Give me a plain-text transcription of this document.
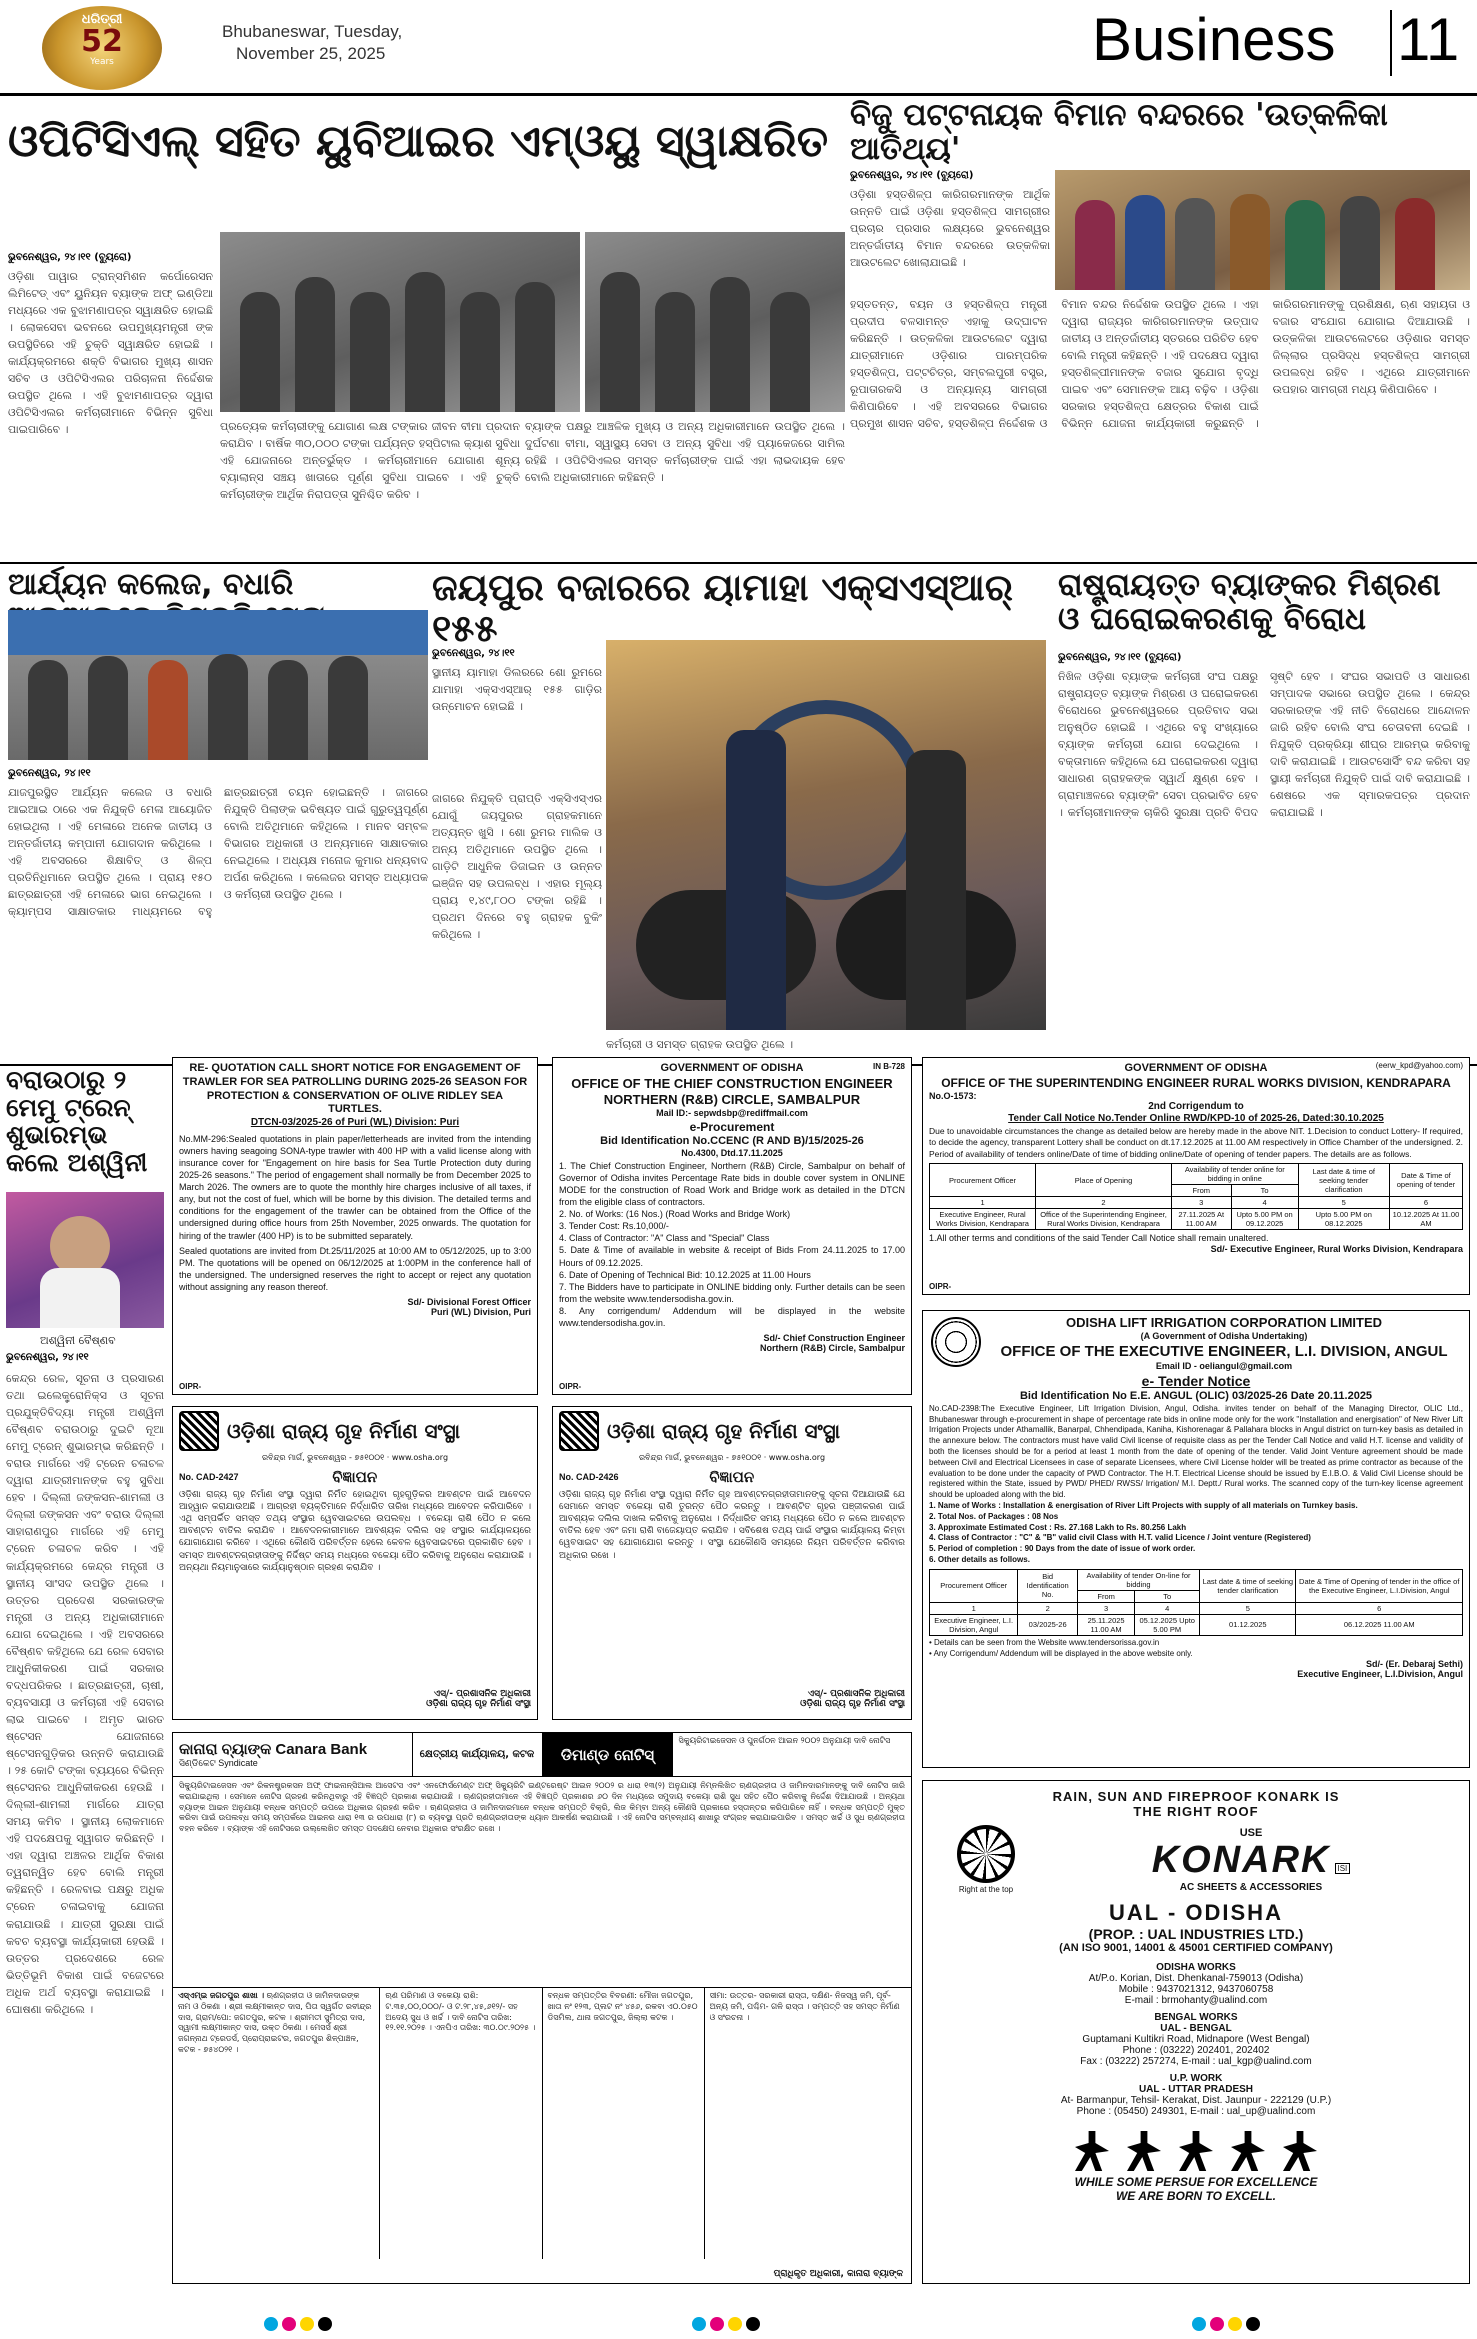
ଧରିତ୍ରୀ
52
Years
Bhubaneswar, Tuesday,
November 25, 2025	Business 11
ଓପିଟିସିଏଲ୍ ସହିତ ୟୁବିଆଇର ଏମ୍ଓୟୁ ସ୍ୱାକ୍ଷରିତ
ଭୁବନେଶ୍ୱର, ୨୪।୧୧ (ବ୍ୟୁରୋ)
ଓଡ଼ିଶା ପାୱାର ଟ୍ରାନ୍ସମିଶନ କର୍ପୋରେସନ ଲିମିଟେଡ୍ ଏବଂ ୟୁନିୟନ ବ୍ୟାଙ୍କ ଅଫ୍ ଇଣ୍ଡିଆ ମଧ୍ୟରେ ଏକ ବୁଝାମଣାପତ୍ର ସ୍ୱାକ୍ଷରିତ ହୋଇଛି । ଲୋକସେବା ଭବନରେ ଉପମୁଖ୍ୟମନ୍ତ୍ରୀ ଙ୍କ ଉପସ୍ଥିତିରେ ଏହି ଚୁକ୍ତି ସ୍ୱାକ୍ଷରିତ ହୋଇଛି । କାର୍ଯ୍ୟକ୍ରମରେ ଶକ୍ତି ବିଭାଗର ମୁଖ୍ୟ ଶାସନ ସଚିବ ଓ ଓପିଟିସିଏଲର ପରିଚାଳନା ନିର୍ଦ୍ଦେଶକ ଉପସ୍ଥିତ ଥିଲେ । ଏହି ବୁଝାମଣାପତ୍ର ଦ୍ୱାରା ଓପିଟିସିଏଲର କର୍ମଚାରୀମାନେ ବିଭିନ୍ନ ସୁବିଧା ପାଇପାରିବେ ।	ପ୍ରତ୍ୟେକ କର୍ମଚାରୀଙ୍କୁ ଯୋଗାଣ ଲକ୍ଷ ଟଙ୍କାର ଜୀବନ ବୀମା ପ୍ରଦାନ କରାଯିବ । ବାର୍ଷିକ ୩୦,୦୦୦ ଟଙ୍କା ପର୍ଯ୍ୟନ୍ତ ହସ୍ପିଟାଲ କ୍ୟାଶ ସୁବିଧା ଏହି ଯୋଜନାରେ ଅନ୍ତର୍ଭୁକ୍ତ । କର୍ମଚାରୀମାନେ ଯୋଗାଣ ଶୂନ୍ୟ ବ୍ୟାଲାନ୍ସ ସଞ୍ଚୟ ଖାତାରେ ପୂର୍ଣ୍ଣ ସୁବିଧା ପାଇବେ । ଏହି ଚୁକ୍ତି କର୍ମଚାରୀଙ୍କ ଆର୍ଥିକ ନିରାପତ୍ତା ସୁନିଶ୍ଚିତ କରିବ ।
ବ୍ୟାଙ୍କ ପକ୍ଷରୁ ଆଞ୍ଚଳିକ ମୁଖ୍ୟ ଓ ଅନ୍ୟ ଅଧିକାରୀମାନେ ଉପସ୍ଥିତ ଥିଲେ । ଦୁର୍ଘଟଣା ବୀମା, ସ୍ୱାସ୍ଥ୍ୟ ସେବା ଓ ଅନ୍ୟ ସୁବିଧା ଏହି ପ୍ୟାକେଜରେ ସାମିଲ ରହିଛି । ଓପିଟିସିଏଲର ସମସ୍ତ କର୍ମଚାରୀଙ୍କ ପାଇଁ ଏହା ଲାଭଦାୟକ ହେବ ବୋଲି ଅଧିକାରୀମାନେ କହିଛନ୍ତି ।
ବିଜୁ ପଟ୍ଟନାୟକ ବିମାନ ବନ୍ଦରରେ 'ଉତ୍କଳିକା ଆତିଥ୍ୟ'
ଭୁବନେଶ୍ୱର, ୨୪।୧୧ (ବ୍ୟୁରୋ)
ଓଡ଼ିଶା ହସ୍ତଶିଳ୍ପ କାରିଗରମାନଙ୍କ ଆର୍ଥିକ ଉନ୍ନତି ପାଇଁ ଓଡ଼ିଶା ହସ୍ତଶିଳ୍ପ ସାମଗ୍ରୀର ପ୍ରଚାର ପ୍ରସାର ଲକ୍ଷ୍ୟରେ ଭୁବନେଶ୍ୱର ଅନ୍ତର୍ଜାତୀୟ ବିମାନ ବନ୍ଦରରେ ଉତ୍କଳିକା ଆଉଟଲେଟ ଖୋଲାଯାଇଛି ।
ହସ୍ତତନ୍ତ, ବୟନ ଓ ହସ୍ତଶିଳ୍ପ ମନ୍ତ୍ରୀ ପ୍ରଦୀପ ବଳସାମନ୍ତ ଏହାକୁ ଉଦ୍‌ଘାଟନ କରିଛନ୍ତି । ଉତ୍କଳିକା ଆଉଟଲେଟ ଦ୍ୱାରା ଯାତ୍ରୀମାନେ ଓଡ଼ିଶାର ପାରମ୍ପରିକ ହସ୍ତଶିଳ୍ପ, ପଟ୍ଟଚିତ୍ର, ସମ୍ବଲପୁରୀ ବସ୍ତ୍ର, ରୂପାତାରକସି ଓ ଅନ୍ୟାନ୍ୟ ସାମଗ୍ରୀ କିଣିପାରିବେ । ଏହି ଅବସରରେ ବିଭାଗର ପ୍ରମୁଖ ଶାସନ ସଚିବ, ହସ୍ତଶିଳ୍ପ ନିର୍ଦ୍ଦେଶକ ଓ ବିମାନ ବନ୍ଦର ନିର୍ଦ୍ଦେଶକ ଉପସ୍ଥିତ ଥିଲେ । ଏହା ଦ୍ୱାରା ରାଜ୍ୟର କାରିଗରମାନଙ୍କ ଉତ୍ପାଦ ଜାତୀୟ ଓ ଅନ୍ତର୍ଜାତୀୟ ସ୍ତରରେ ପରିଚିତ ହେବ ବୋଲି ମନ୍ତ୍ରୀ କହିଛନ୍ତି । ଏହି ପଦକ୍ଷେପ ଦ୍ୱାରା ହସ୍ତଶିଳ୍ପୀମାନଙ୍କ ବଜାର ସୁଯୋଗ ବୃଦ୍ଧି ପାଇବ ଏବଂ ସେମାନଙ୍କ ଆୟ ବଢ଼ିବ । ଓଡ଼ିଶା ସରକାର ହସ୍ତଶିଳ୍ପ କ୍ଷେତ୍ରର ବିକାଶ ପାଇଁ ବିଭିନ୍ନ ଯୋଜନା କାର୍ଯ୍ୟକାରୀ କରୁଛନ୍ତି । କାରିଗରମାନଙ୍କୁ ପ୍ରଶିକ୍ଷଣ, ଋଣ ସହାୟତା ଓ ବଜାର ସଂଯୋଗ ଯୋଗାଇ ଦିଆଯାଉଛି । ଉତ୍କଳିକା ଆଉଟଲେଟରେ ଓଡ଼ିଶାର ସମସ୍ତ ଜିଲ୍ଲାର ପ୍ରସିଦ୍ଧ ହସ୍ତଶିଳ୍ପ ସାମଗ୍ରୀ ଉପଲବ୍ଧ ରହିବ । ଏଥିରେ ଯାତ୍ରୀମାନେ ଉପହାର ସାମଗ୍ରୀ ମଧ୍ୟ କିଣିପାରିବେ ।
ଆର୍ଯ୍ୟନ କଲେଜ, ବଧାରି
ଭୁବନେଶ୍ୱର, ୨୪।୧୧
ଯାଜପୁରସ୍ଥିତ ଆର୍ଯ୍ୟନ କଲେଜ ଓ ବଧାରି ଆଇଆଇ ଠାରେ ଏକ ନିଯୁକ୍ତି ମେଳା ଆୟୋଜିତ ହୋଇଥିଲା । ଏହି ମେଳାରେ ଅନେକ ଜାତୀୟ ଓ ଅନ୍ତର୍ଜାତୀୟ କମ୍ପାନୀ ଯୋଗଦାନ କରିଥିଲେ । ଏହି ଅବସରରେ ଶିକ୍ଷାବିତ୍ ଓ ଶିଳ୍ପ ପ୍ରତିନିଧିମାନେ ଉପସ୍ଥିତ ଥିଲେ । ପ୍ରାୟ ୧୫୦ ଛାତ୍ରଛାତ୍ରୀ ଏହି ମେଳାରେ ଭାଗ ନେଇଥିଲେ । କ୍ୟାମ୍ପସ ସାକ୍ଷାତକାର ମାଧ୍ୟମରେ ବହୁ ଛାତ୍ରଛାତ୍ରୀ ଚୟନ ହୋଇଛନ୍ତି । ଜାଗରେ ନିଯୁକ୍ତି ପିଲାଙ୍କ ଭବିଷ୍ୟତ ପାଇଁ ଗୁରୁତ୍ୱପୂର୍ଣ୍ଣ ବୋଲି ଅତିଥିମାନେ କହିଥିଲେ । ମାନବ ସମ୍ବଳ ବିଭାଗର ଅଧିକାରୀ ଓ ଅନ୍ୟମାନେ ସାକ୍ଷାତକାର ନେଇଥିଲେ । ଅଧ୍ୟକ୍ଷ ମନୋଜ କୁମାର ଧନ୍ୟବାଦ ଅର୍ପଣ କରିଥିଲେ । କଲେଜର ସମସ୍ତ ଅଧ୍ୟାପକ ଓ କର୍ମଚାରୀ ଉପସ୍ଥିତ ଥିଲେ ।
ଜୟପୁର ବଜାରରେ ୟାମାହା ଏକ୍ସଏସ୍ଆର୍ ୧୫୫
ଭୁବନେଶ୍ୱର, ୨୪।୧୧
ସ୍ଥାନୀୟ ୟାମାହା ଡିଲରରେ ଶୋ ରୁମରେ ଯାମାହା ଏକ୍ସଏସ୍ଆର୍ ୧୫୫ ଗାଡ଼ିର ଉନ୍ମୋଚନ ହୋଇଛି ।
ଜାଗରେ ନିଯୁକ୍ତି ପ୍ରାପ୍ତି ଏକ୍ସିଏସ୍ଏର ଯୋଗୁଁ ଜୟପୁରର ଗ୍ରାହକମାନେ ଅତ୍ୟନ୍ତ ଖୁସି । ଶୋ ରୁମର ମାଲିକ ଓ ଅନ୍ୟ ଅତିଥିମାନେ ଉପସ୍ଥିତ ଥିଲେ । ଗାଡ଼ିଟି ଆଧୁନିକ ଡିଜାଇନ ଓ ଉନ୍ନତ ଇଞ୍ଜିନ ସହ ଉପଲବ୍ଧ । ଏହାର ମୂଲ୍ୟ ପ୍ରାୟ ୧,୪୯,୮୦୦ ଟଙ୍କା ରହିଛି । ପ୍ରଥମ ଦିନରେ ବହୁ ଗ୍ରାହକ ବୁକିଂ କରିଥିଲେ ।
କର୍ମଚାରୀ ଓ ସମସ୍ତ ଗ୍ରାହକ ଉପସ୍ଥିତ ଥିଲେ ।
ରାଷ୍ଟ୍ରାୟତ୍ତ ବ୍ୟାଙ୍କର ମିଶ୍ରଣ ଓ ଘରୋଇକରଣକୁ ବିରୋଧ
ଭୁବନେଶ୍ୱର, ୨୪।୧୧ (ବ୍ୟୁରୋ)
ନିଖିଳ ଓଡ଼ିଶା ବ୍ୟାଙ୍କ କର୍ମଚାରୀ ସଂଘ ପକ୍ଷରୁ ରାଷ୍ଟ୍ରାୟତ୍ତ ବ୍ୟାଙ୍କ ମିଶ୍ରଣ ଓ ଘରୋଇକରଣ ବିରୋଧରେ ଭୁବନେଶ୍ୱରରେ ପ୍ରତିବାଦ ସଭା ଅନୁଷ୍ଠିତ ହୋଇଛି । ଏଥିରେ ବହୁ ସଂଖ୍ୟାରେ ବ୍ୟାଙ୍କ କର୍ମଚାରୀ ଯୋଗ ଦେଇଥିଲେ । ବକ୍ତାମାନେ କହିଥିଲେ ଯେ ଘରୋଇକରଣ ଦ୍ୱାରା ସାଧାରଣ ଗ୍ରାହକଙ୍କ ସ୍ୱାର୍ଥ କ୍ଷୁଣ୍ଣ ହେବ । ଗ୍ରାମାଞ୍ଚଳରେ ବ୍ୟାଙ୍କିଂ ସେବା ପ୍ରଭାବିତ ହେବ । କର୍ମଚାରୀମାନଙ୍କ ଚାକିରି ସୁରକ୍ଷା ପ୍ରତି ବିପଦ ସୃଷ୍ଟି ହେବ । ସଂଘର ସଭାପତି ଓ ସାଧାରଣ ସମ୍ପାଦକ ସଭାରେ ଉପସ୍ଥିତ ଥିଲେ । କେନ୍ଦ୍ର ସରକାରଙ୍କ ଏହି ନୀତି ବିରୋଧରେ ଆନ୍ଦୋଳନ ଜାରି ରହିବ ବୋଲି ସଂଘ ଚେତାବନୀ ଦେଇଛି । ନିଯୁକ୍ତି ପ୍ରକ୍ରିୟା ଶୀଘ୍ର ଆରମ୍ଭ କରିବାକୁ ଦାବି କରାଯାଇଛି । ଆଉଟସୋର୍ସିଂ ବନ୍ଦ କରିବା ସହ ସ୍ଥାୟୀ କର୍ମଚାରୀ ନିଯୁକ୍ତି ପାଇଁ ଦାବି କରାଯାଇଛି । ଶେଷରେ ଏକ ସ୍ମାରକପତ୍ର ପ୍ରଦାନ କରାଯାଇଛି ।
ବରାଉଠାରୁ ୨ ମେମୁ ଟ୍ରେନ୍ ଶୁଭାରମ୍ଭ କଲେ ଅଶ୍ୱିନୀ
ଅଶ୍ୱିନୀ ବୈଷ୍ଣବ
ଭୁବନେଶ୍ୱର, ୨୪।୧୧
କେନ୍ଦ୍ର ରେଳ, ସୂଚନା ଓ ପ୍ରସାରଣ ତଥା ଇଲେକ୍ଟ୍ରୋନିକ୍ସ ଓ ସୂଚନା ପ୍ରଯୁକ୍ତିବିଦ୍ୟା ମନ୍ତ୍ରୀ ଅଶ୍ୱିନୀ ବୈଷ୍ଣବ ବରାଉଠାରୁ ଦୁଇଟି ନୂଆ ମେମୁ ଟ୍ରେନ୍ ଶୁଭାରମ୍ଭ କରିଛନ୍ତି । ବରାଉ ମାର୍ଗରେ ଏହି ଟ୍ରେନ ଚଳାଚଳ ଦ୍ୱାରା ଯାତ୍ରୀମାନଙ୍କ ବହୁ ସୁବିଧା ହେବ । ଦିଲ୍ଲୀ ଜଙ୍କସନ-ଶାମଲୀ ଓ ଦିଲ୍ଲୀ ଜଙ୍କସନ ଏବଂ ବରାଉ ଦିଲ୍ଲୀ ସାହାରାଣପୁର ମାର୍ଗରେ ଏହି ମେମୁ ଟ୍ରେନ ଚଳାଚଳ କରିବ । ଏହି କାର୍ଯ୍ୟକ୍ରମରେ କେନ୍ଦ୍ର ମନ୍ତ୍ରୀ ଓ ସ୍ଥାନୀୟ ସାଂସଦ ଉପସ୍ଥିତ ଥିଲେ । ଉତ୍ତର ପ୍ରଦେଶ ସରକାରଙ୍କ ମନ୍ତ୍ରୀ ଓ ଅନ୍ୟ ଅଧିକାରୀମାନେ ଯୋଗ ଦେଇଥିଲେ । ଏହି ଅବସରରେ ବୈଷ୍ଣବ କହିଥିଲେ ଯେ ରେଳ ସେବାର ଆଧୁନିକୀକରଣ ପାଇଁ ସରକାର ବଦ୍ଧପରିକର । ଛାତ୍ରଛାତ୍ରୀ, ଚାଷୀ, ବ୍ୟବସାୟୀ ଓ କର୍ମଚାରୀ ଏହି ସେବାର ଲାଭ ପାଇବେ । ଅମୃତ ଭାରତ ଷ୍ଟେସନ ଯୋଜନାରେ ଷ୍ଟେସନଗୁଡ଼ିକର ଉନ୍ନତି କରାଯାଉଛି । ୨୫ କୋଟି ଟଙ୍କା ବ୍ୟୟରେ ବିଭିନ୍ନ ଷ୍ଟେସନର ଆଧୁନିକୀକରଣ ହେଉଛି । ଦିଲ୍ଲୀ-ଶାମଲୀ ମାର୍ଗରେ ଯାତ୍ରା ସମୟ କମିବ । ସ୍ଥାନୀୟ ଲୋକମାନେ ଏହି ପଦକ୍ଷେପକୁ ସ୍ୱାଗତ କରିଛନ୍ତି । ଏହା ଦ୍ୱାରା ଅଞ୍ଚଳର ଆର୍ଥିକ ବିକାଶ ତ୍ୱରାନ୍ୱିତ ହେବ ବୋଲି ମନ୍ତ୍ରୀ କହିଛନ୍ତି । ରେଳବାଇ ପକ୍ଷରୁ ଅଧିକ ଟ୍ରେନ ଚଳାଇବାକୁ ଯୋଜନା କରାଯାଉଛି । ଯାତ୍ରୀ ସୁରକ୍ଷା ପାଇଁ କବଚ ବ୍ୟବସ୍ଥା କାର୍ଯ୍ୟକାରୀ ହେଉଛି । ଉତ୍ତର ପ୍ରଦେଶରେ ରେଳ ଭିତ୍ତିଭୂମି ବିକାଶ ପାଇଁ ବଜେଟରେ ଅଧିକ ଅର୍ଥ ବ୍ୟବସ୍ଥା କରାଯାଇଛି । ଘୋଷଣା କରିଥିଲେ ।
RE- QUOTATION CALL SHORT NOTICE FOR ENGAGEMENT OF TRAWLER FOR SEA PATROLLING DURING 2025-26 SEASON FOR PROTECTION & CONSERVATION OF OLIVE RIDLEY SEA TURTLES.
DTCN-03/2025-26 of Puri (WL) Division: Puri
No.MM-296:Sealed quotations in plain paper/letterheads are invited from the intending owners having seagoing SONA-type trawler with 400 HP with a valid license along with insurance cover for "Engagement on hire basis for Sea Turtle Protection duty during 2025-26 seasons." The period of engagement shall normally be from December 2025 to March 2026. The owners are to quote the monthly hire charges inclusive of all taxes, if any, but not the cost of fuel, which will be borne by this division. The detailed terms and conditions for the engagement of the trawler can be obtained from the Office of the undersigned during office hours from 25th November, 2025 onwards. The quotation for hiring of the trawler (400 HP) is to be submitted separately.
Sealed quotations are invited from Dt.25/11/2025 at 10:00 AM to 05/12/2025, up to 3:00 PM. The quotations will be opened on 06/12/2025 at 1:00PM in the conference hall of the undersigned. The undersigned reserves the right to accept or reject any quotation without assigning any reason thereof.
Sd/- Divisional Forest Officer
Puri (WL) Division, Puri
OIPR-
GOVERNMENT OF ODISHA	IN B-728
OFFICE OF THE CHIEF CONSTRUCTION ENGINEER NORTHERN (R&B) CIRCLE, SAMBALPUR
Mail ID:- sepwdsbp@rediffmail.com
e-Procurement
Bid Identification No.CCENC (R AND B)/15/2025-26
No.4300, Dtd.17.11.2025
1. The Chief Construction Engineer, Northern (R&B) Circle, Sambalpur on behalf of Governor of Odisha invites Percentage Rate bids in double cover system in ONLINE MODE for the construction of Road Work and Bridge work as detailed in the DTCN from the eligible class of contractors.
2. No. of Works: (16 Nos.) (Road Works and Bridge Work)
3. Tender Cost: Rs.10,000/-
4. Class of Contractor: "A" Class and "Special" Class
5. Date & Time of available in website & receipt of Bids From 24.11.2025 to 17.00 Hours of 09.12.2025.
6. Date of Opening of Technical Bid: 10.12.2025 at 11.00 Hours
7. The Bidders have to participate in ONLINE bidding only. Further details can be seen from the website www.tendersodisha.gov.in.
8. Any corrigendum/ Addendum will be displayed in the website www.tendersodisha.gov.in.
Sd/- Chief Construction Engineer
Northern (R&B) Circle, Sambalpur
OIPR-
(eerw_kpd@yahoo.com)
GOVERNMENT OF ODISHA
OFFICE OF THE SUPERINTENDING ENGINEER RURAL WORKS DIVISION, KENDRAPARA
No.O-1573:
2nd Corrigendum to
Tender Call Notice No.Tender Online RWD/KPD-10 of 2025-26, Dated:30.10.2025
Due to unavoidable circumstances the change as detailed below are hereby made in the above NIT. 1.Decision to conduct Lottery- If required, to decide the agency, transparent Lottery shall be conduct on dt.17.12.2025 at 11.00 AM respectively in Office Chamber of the undersigned. 2. Period of availability of tenders online/Date of time of bidding online/Date of opening of tender papers. The details are as follows.
Procurement Officer	Place of Opening	Availability of tender online for bidding in online		Last date & time of seeking tender clarification	Date & Time of opening of tender
		From	To		
1	2	3	4	5	6
Executive Engineer, Rural Works Division, Kendrapara	Office of the Superintending Engineer, Rural Works Division, Kendrapara	27.11.2025 At 11.00 AM	Upto 5.00 PM on 09.12.2025	Upto 5.00 PM on 08.12.2025	10.12.2025 At 11.00 AM
1.All other terms and conditions of the said Tender Call Notice shall remain unaltered.
Sd/- Executive Engineer, Rural Works Division, Kendrapara
OIPR-
ଓଡ଼ିଶା ରାଜ୍ୟ ଗୃହ ନିର୍ମାଣ ସଂସ୍ଥା
ରବିନ୍ଦ୍ର ମାର୍ଗ, ଭୁବନେଶ୍ୱର - ୭୫୧୦୦୧ · www.osha.org
No. CAD-2427	ବିଜ୍ଞାପନ
ଓଡ଼ିଶା ରାଜ୍ୟ ଗୃହ ନିର୍ମାଣ ସଂସ୍ଥା ଦ୍ୱାରା ନିର୍ମିତ ହୋଇଥିବା ଗୃହଗୁଡ଼ିକର ଆବଣ୍ଟନ ପାଇଁ ଆବେଦନ ଆହ୍ୱାନ କରାଯାଉଅଛି । ଆଗ୍ରହୀ ବ୍ୟକ୍ତିମାନେ ନିର୍ଦ୍ଧାରିତ ତାରିଖ ମଧ୍ୟରେ ଆବେଦନ କରିପାରିବେ । ଏଥି ସମ୍ପର୍କିତ ସମସ୍ତ ତଥ୍ୟ ସଂସ୍ଥାର ୱେବସାଇଟରେ ଉପଲବ୍ଧ । ବକେୟା ରାଶି ପୈଠ ନ କଲେ ଆବଣ୍ଟନ ବାତିଲ କରାଯିବ । ଆବେଦନକାରୀମାନେ ଆବଶ୍ୟକ ଦଲିଲ ସହ ସଂସ୍ଥାର କାର୍ଯ୍ୟାଳୟରେ ଯୋଗାଯୋଗ କରିବେ । ଏଥିରେ କୌଣସି ପରିବର୍ତ୍ତନ ହେଲେ କେବଳ ୱେବସାଇଟରେ ପ୍ରକାଶିତ ହେବ । ସମସ୍ତ ଆବଣ୍ଟନଗ୍ରହୀତାଙ୍କୁ ନିର୍ଦ୍ଦିଷ୍ଟ ସମୟ ମଧ୍ୟରେ ବକେୟା ପୈଠ କରିବାକୁ ଅନୁରୋଧ କରାଯାଉଛି । ଅନ୍ୟଥା ନିୟମାନୁସାରେ କାର୍ଯ୍ୟାନୁଷ୍ଠାନ ଗ୍ରହଣ କରାଯିବ ।
ଏସ୍/- ପ୍ରଶାସନିକ ଅଧିକାରୀ
ଓଡ଼ିଶା ରାଜ୍ୟ ଗୃହ ନିର୍ମାଣ ସଂସ୍ଥା
ଓଡ଼ିଶା ରାଜ୍ୟ ଗୃହ ନିର୍ମାଣ ସଂସ୍ଥା
ରବିନ୍ଦ୍ର ମାର୍ଗ, ଭୁବନେଶ୍ୱର - ୭୫୧୦୦୧ · www.osha.org
No. CAD-2426	ବିଜ୍ଞାପନ
ଓଡ଼ିଶା ରାଜ୍ୟ ଗୃହ ନିର୍ମାଣ ସଂସ୍ଥା ଦ୍ୱାରା ନିର୍ମିତ ଗୃହ ଆବଣ୍ଟନଗ୍ରହୀତାମାନଙ୍କୁ ସୂଚନା ଦିଆଯାଉଛି ଯେ ସେମାନେ ସମସ୍ତ ବକେୟା ରାଶି ତୁରନ୍ତ ପୈଠ କରନ୍ତୁ । ଆବଣ୍ଟିତ ଗୃହର ପଞ୍ଜୀକରଣ ପାଇଁ ଆବଶ୍ୟକ ଦଲିଲ ଦାଖଲ କରିବାକୁ ଅନୁରୋଧ । ନିର୍ଦ୍ଧାରିତ ସମୟ ମଧ୍ୟରେ ପୈଠ ନ କଲେ ଆବଣ୍ଟନ ବାତିଲ ହେବ ଏବଂ ଜମା ରାଶି ବାଜେୟାପ୍ତ କରାଯିବ । ସବିଶେଷ ତଥ୍ୟ ପାଇଁ ସଂସ୍ଥାର କାର୍ଯ୍ୟାଳୟ କିମ୍ବା ୱେବସାଇଟ ସହ ଯୋଗାଯୋଗ କରନ୍ତୁ । ସଂସ୍ଥା ଯେକୌଣସି ସମୟରେ ନିୟମ ପରିବର୍ତ୍ତନ କରିବାର ଅଧିକାର ରଖେ ।
ଏସ୍/- ପ୍ରଶାସନିକ ଅଧିକାରୀ
ଓଡ଼ିଶା ରାଜ୍ୟ ଗୃହ ନିର୍ମାଣ ସଂସ୍ଥା
ODISHA LIFT IRRIGATION CORPORATION LIMITED
(A Government of Odisha Undertaking)
OFFICE OF THE EXECUTIVE ENGINEER, L.I. DIVISION, ANGUL
Email ID - oeliangul@gmail.com
e- Tender Notice
Bid Identification No E.E. ANGUL (OLIC) 03/2025-26 Date 20.11.2025
No.CAD-2398:The Executive Engineer, Lift Irrigation Division, Angul, Odisha. invites tender on behalf of the Managing Director, OLIC Ltd., Bhubaneswar through e-procurement in shape of percentage rate bids in online mode only for the work "Installation and energisation" of New River Lift Irrigation Projects under Athamallik, Banarpal, Chhendipada, Kaniha, Kishorenagar & Pallahara blocks in Angul district on turn-key basis as detailed in the annexure below. The contractors must have valid Civil license of requisite class as per the Tender Call Notice and valid H.T. license and validity of both the licenses should be for a period at least 1 month from the date of opening of the tender. Valid Joint Venture agreement should be made between Civil and Electrical Licensees in case of separate Licensees, where Civil License holder will be treated as prime contractor as because of the evaluation to be done under the capacity of PWD Contractor. The H.T. Electrical License should be issued by E.I.B.O. & Valid Civil License should be registered within the State, issued by PWD/ PHED/ RWSS/ Irrigation/ M.I. Deptt./ Rural works. The scanned copy of the turn-key license agreement should be uploaded along with the bid.
1. Name of Works : Installation & energisation of River Lift Projects with supply of all materials on Turnkey basis.
2. Total Nos. of Packages : 08 Nos
3. Approximate Estimated Cost : Rs. 27.168 Lakh to Rs. 80.256 Lakh
4. Class of Contractor : "C" & "B" valid civil Class with H.T. valid Licence / Joint venture (Registered)
5. Period of completion : 90 Days from the date of issue of work order.
6. Other details as follows.
Procurement Officer	Bid Identification No.	Availability of tender On-line for bidding		Last date & time of seeking tender clarification	Date & Time of Opening of tender in the office of the Executive Engineer, L.I.Division, Angul
		From	To		
1	2	3	4	5	6
Executive Engineer, L.I. Division, Angul	03/2025-26	25.11.2025 11.00 AM	05.12.2025 Upto 5.00 PM	01.12.2025	06.12.2025 11.00 AM
• Details can be seen from the Website www.tendersorissa.gov.in
• Any Corrigendum/ Addendum will be displayed in the above website only.
Sd/- (Er. Debaraj Sethi)
Executive Engineer, L.I.Division, Angul
କାନାରା ବ୍ୟାଙ୍କ Canara Bank
ସିଣ୍ଡିକେଟ Syndicate
କ୍ଷେତ୍ରୀୟ କାର୍ଯ୍ୟାଳୟ, କଟକ	ଡିମାଣ୍ଡ ନୋଟିସ୍
ସିକ୍ୟୁରିଟାଇଜେସନ ଓ ପୁନର୍ଗଠନ ଆଇନ ୨୦୦୨ ଅନୁଯାୟୀ ଦାବି ନୋଟିସ
ସିକ୍ୟୁରିଟାଇଜେସନ ଏବଂ ରିକନଷ୍ଟ୍ରକସନ ଅଫ୍ ଫାଇନାନ୍ସିଆଲ ଆସେଟସ ଏବଂ ଏନଫୋର୍ସମେଣ୍ଟ ଅଫ୍ ସିକ୍ୟୁରିଟି ଇଣ୍ଟରେଷ୍ଟ ଆଇନ ୨୦୦୨ ର ଧାରା ୧୩(୨) ଅନୁଯାୟୀ ନିମ୍ନଲିଖିତ ଋଣଗ୍ରହୀତା ଓ ଜାମିନଦାରମାନଙ୍କୁ ଦାବି ନୋଟିସ ଜାରି କରାଯାଇଥିଲା । ସେମାନେ ନୋଟିସ ଗ୍ରହଣ କରିନଥିବାରୁ ଏହି ବିଜ୍ଞପ୍ତି ପ୍ରକାଶ କରାଯାଉଛି । ଋଣଗ୍ରହୀତାମାନେ ଏହି ବିଜ୍ଞପ୍ତି ପ୍ରକାଶର ୬୦ ଦିନ ମଧ୍ୟରେ ସମୁଦାୟ ବକେୟା ରାଶି ସୁଧ ସହିତ ପୈଠ କରିବାକୁ ନିର୍ଦ୍ଦେଶ ଦିଆଯାଉଛି । ଅନ୍ୟଥା ବ୍ୟାଙ୍କ ଆଇନ ଅନୁଯାୟୀ ବନ୍ଧକ ସମ୍ପତ୍ତି ଉପରେ ଅଧିକାର ଗ୍ରହଣ କରିବ । ଋଣଗ୍ରହୀତା ଓ ଜାମିନଦାରମାନେ ବନ୍ଧକ ସମ୍ପତ୍ତି ବିକ୍ରି, ଲିଜ କିମ୍ବା ଅନ୍ୟ କୌଣସି ପ୍ରକାରେ ହସ୍ତାନ୍ତର କରିପାରିବେ ନାହିଁ । ବନ୍ଧକ ସମ୍ପତ୍ତି ମୁକ୍ତ କରିବା ପାଇଁ ଉପଲବ୍ଧ ସମୟ ସମ୍ପର୍କରେ ଆଇନର ଧାରା ୧୩ ର ଉପଧାରା (୮) ର ବ୍ୟବସ୍ଥା ପ୍ରତି ଋଣଗ୍ରହୀତାଙ୍କ ଧ୍ୟାନ ଆକର୍ଷଣ କରାଯାଉଛି । ଏହି ନୋଟିସ ସମ୍ବନ୍ଧୀୟ ଶାଖାରୁ ସଂଗ୍ରହ କରାଯାଇପାରିବ । ସମସ୍ତ ଖର୍ଚ୍ଚ ଓ ସୁଧ ଋଣଗ୍ରହୀତା ବହନ କରିବେ । ବ୍ୟାଙ୍କ ଏହି ନୋଟିସରେ ଉଲ୍ଲେଖିତ ସମସ୍ତ ପଦକ୍ଷେପ ନେବାର ଅଧିକାର ସଂରକ୍ଷିତ ରଖେ ।
ଏସ୍‌ଏମ୍‌ଇ ଜଗତପୁର ଶାଖା । ଋଣଗ୍ରହୀତା ଓ ଜାମିନଦାରଙ୍କ ନାମ ଓ ଠିକଣା । ଶ୍ରୀ ଲକ୍ଷ୍ମୀକାନ୍ତ ଦାସ, ପିତା ସ୍ୱର୍ଗତ ରବୀନ୍ଦ୍ର ଦାସ, ଗ୍ରାମ/ପୋ: ଜଗତପୁର, କଟକ । ଶ୍ରୀମତୀ ସୁମିତ୍ରା ଦାସ, ସ୍ୱାମୀ ଲକ୍ଷ୍ମୀକାନ୍ତ ଦାସ, ଉକ୍ତ ଠିକଣା । ମେସର୍ସ ଶ୍ରୀ ଜଗନ୍ନାଥ ଟ୍ରେଡର୍ସ, ପ୍ରୋପ୍ରାଇଟର, ଜଗତପୁର ଶିଳ୍ପାଞ୍ଚଳ, କଟକ - ୭୫୪୦୨୧ ।
ଋଣ ପରିମାଣ ଓ ବକେୟା ରାଶି: ଟ.୩୫,୦୦,୦୦୦/- ଓ ଟ.୨୮,୪୫,୬୧୨/- ସହ ଅଦେୟ ସୁଧ ଓ ଖର୍ଚ୍ଚ । ଦାବି ନୋଟିସ ତାରିଖ: ୧୨.୧୧.୨୦୨୫ । ଏନପିଏ ତାରିଖ: ୩୦.୦୯.୨୦୨୫ ।
ବନ୍ଧକ ସମ୍ପତ୍ତିର ବିବରଣୀ: ମୌଜା ଜଗତପୁର, ଖାତା ନଂ ୧୨୩, ପ୍ଲଟ ନଂ ୪୫୬, ରକବା ଏ୦.୦୫୦ ଡିସମିଲ, ଥାନା ଜଗତପୁର, ଜିଲ୍ଲା କଟକ ।
ସୀମା: ଉତ୍ତର- ସରକାରୀ ରାସ୍ତା, ଦକ୍ଷିଣ- ନିଜସ୍ୱ ଜମି, ପୂର୍ବ- ଅନ୍ୟ ଜମି, ପଶ୍ଚିମ- ଗଳି ରାସ୍ତା । ସମ୍ପତ୍ତି ସହ ସମସ୍ତ ନିର୍ମାଣ ଓ ସଂରଚନା ।
ପ୍ରାଧିକୃତ ଅଧିକାରୀ, କାନାରା ବ୍ୟାଙ୍କ
RAIN, SUN AND FIREPROOF KONARK IS THE RIGHT ROOF
Right at the top
USE
KONARK ISI
AC SHEETS & ACCESSORIES
UAL - ODISHA
(PROP. : UAL INDUSTRIES LTD.)
(AN ISO 9001, 14001 & 45001 CERTIFIED COMPANY)
ODISHA WORKS
At/P.o. Korian, Dist. Dhenkanal-759013 (Odisha)
Mobile : 9437021312, 9437060758
E-mail : brmohanty@ualind.com
BENGAL WORKS
UAL - BENGAL
Guptamani Kultikri Road, Midnapore (West Bengal)
Phone : (03222) 202401, 202402
Fax : (03222) 257274, E-mail : ual_kgp@ualind.com
U.P. WORK
UAL - UTTAR PRADESH
At- Barmanpur, Tehsil- Kerakat, Dist. Jaunpur - 222129 (U.P.)
Phone : (05450) 249301, E-mail : ual_up@ualind.com
WHILE SOME PERSUE FOR EXCELLENCE
WE ARE BORN TO EXCELL.
